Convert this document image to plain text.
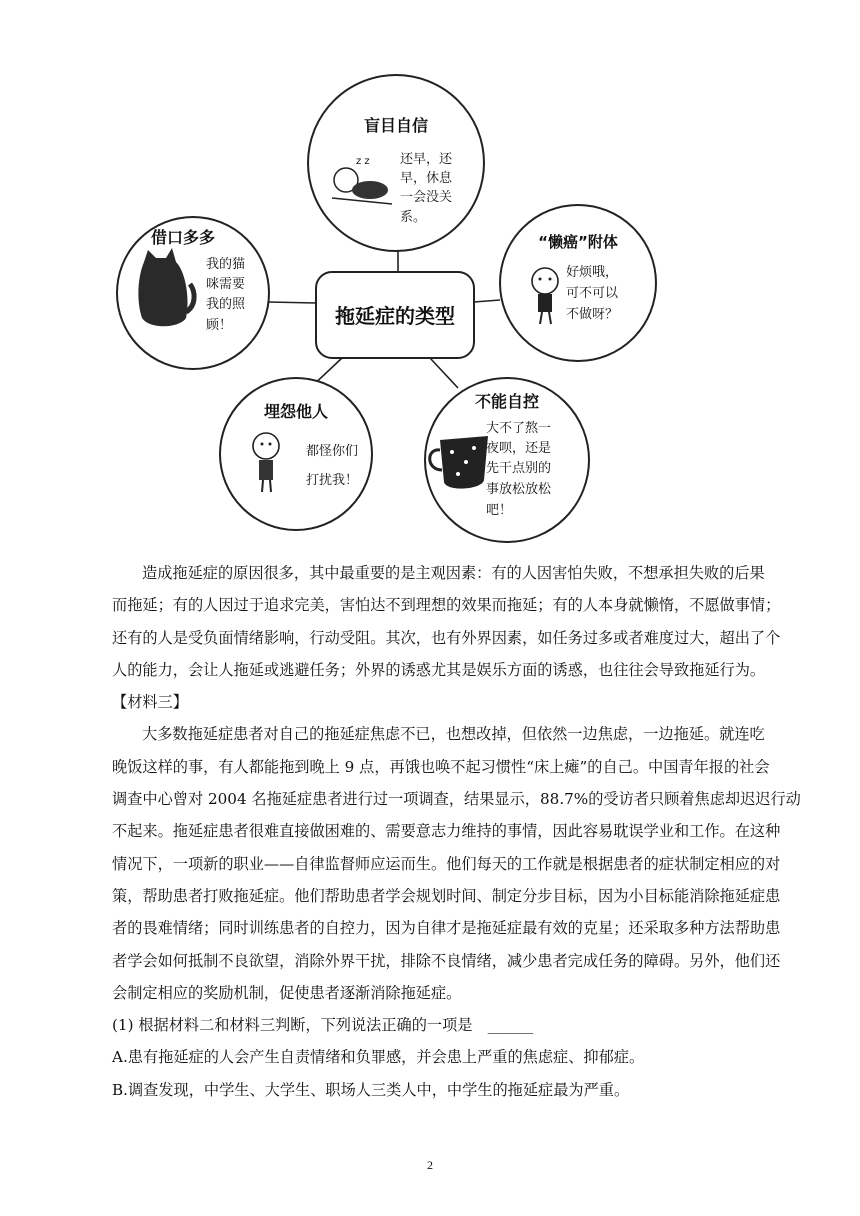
拖延症的类型
盲目自信
z z 还早，还
早，休息
一会没关
系。
借口多多
我的猫
咪需要
我的照
顾！
“懒癌”附体
好烦哦，
可不可以
不做呀？
埋怨他人
都怪你们
打扰我！
不能自控
大不了熬一
夜呗，还是
先干点别的
事放松放松
吧！

造成拖延症的原因很多，其中最重要的是主观因素：有的人因害怕失败，不想承担失败的后果
而拖延；有的人因过于追求完美，害怕达不到理想的效果而拖延；有的人本身就懒惰，不愿做事情；
还有的人是受负面情绪影响，行动受阻。其次，也有外界因素，如任务过多或者难度过大，超出了个
人的能力，会让人拖延或逃避任务；外界的诱惑尤其是娱乐方面的诱惑，也往往会导致拖延行为。

【材料三】

大多数拖延症患者对自己的拖延症焦虑不已，也想改掉，但依然一边焦虑，一边拖延。就连吃
晚饭这样的事，有人都能拖到晚上 9 点，再饿也唤不起习惯性“床上瘫”的自己。中国青年报的社会
调查中心曾对 2004 名拖延症患者进行过一项调查，结果显示，88.7%的受访者只顾着焦虑却迟迟行动
不起来。拖延症患者很难直接做困难的、需要意志力维持的事情，因此容易耽误学业和工作。在这种
情况下，一项新的职业——自律监督师应运而生。他们每天的工作就是根据患者的症状制定相应的对
策，帮助患者打败拖延症。他们帮助患者学会规划时间、制定分步目标，因为小目标能消除拖延症患
者的畏难情绪；同时训练患者的自控力，因为自律才是拖延症最有效的克星；还采取多种方法帮助患
者学会如何抵制不良欲望，消除外界干扰，排除不良情绪，减少患者完成任务的障碍。另外，他们还
会制定相应的奖励机制，促使患者逐渐消除拖延症。

(1) 根据材料二和材料三判断，下列说法正确的一项是　______

A.患有拖延症的人会产生自责情绪和负罪感，并会患上严重的焦虑症、抑郁症。

B.调查发现，中学生、大学生、职场人三类人中，中学生的拖延症最为严重。

2
